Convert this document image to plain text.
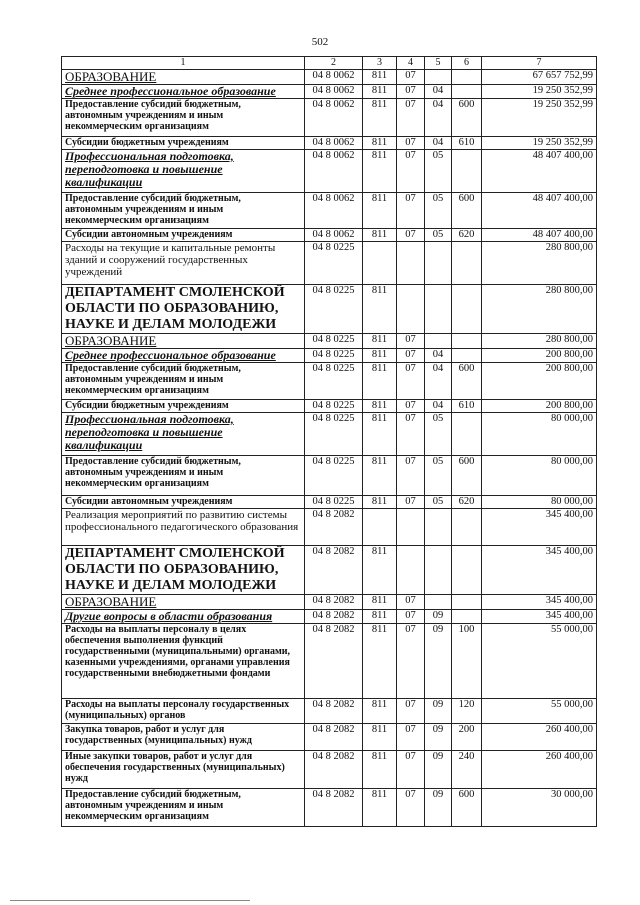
502
1	2	3	4	5	6	7
ОБРАЗОВАНИЕ	04 8 0062	811	07			67 657 752,99
Среднее профессиональное образование	04 8 0062	811	07	04		19 250 352,99
Предоставление субсидий бюджетным, автономным учреждениям и иным некоммерческим организациям	04 8 0062	811	07	04	600	19 250 352,99
Субсидии бюджетным учреждениям	04 8 0062	811	07	04	610	19 250 352,99
Профессиональная подготовка, переподготовка и повышение квалификации	04 8 0062	811	07	05		48 407 400,00
Предоставление субсидий бюджетным, автономным учреждениям и иным некоммерческим организациям	04 8 0062	811	07	05	600	48 407 400,00
Субсидии автономным учреждениям	04 8 0062	811	07	05	620	48 407 400,00
Расходы на текущие и капитальные ремонты зданий и сооружений государственных учреждений	04 8 0225					280 800,00
ДЕПАРТАМЕНТ СМОЛЕНСКОЙ ОБЛАСТИ ПО ОБРАЗОВАНИЮ, НАУКЕ И ДЕЛАМ МОЛОДЕЖИ	04 8 0225	811				280 800,00
ОБРАЗОВАНИЕ	04 8 0225	811	07			280 800,00
Среднее профессиональное образование	04 8 0225	811	07	04		200 800,00
Предоставление субсидий бюджетным, автономным учреждениям и иным некоммерческим организациям	04 8 0225	811	07	04	600	200 800,00
Субсидии бюджетным учреждениям	04 8 0225	811	07	04	610	200 800,00
Профессиональная подготовка, переподготовка и повышение квалификации	04 8 0225	811	07	05		80 000,00
Предоставление субсидий бюджетным, автономным учреждениям и иным некоммерческим организациям	04 8 0225	811	07	05	600	80 000,00
Субсидии автономным учреждениям	04 8 0225	811	07	05	620	80 000,00
Реализация мероприятий по развитию системы профессионального педагогического образования	04 8 2082					345 400,00
ДЕПАРТАМЕНТ СМОЛЕНСКОЙ ОБЛАСТИ ПО ОБРАЗОВАНИЮ, НАУКЕ И ДЕЛАМ МОЛОДЕЖИ	04 8 2082	811				345 400,00
ОБРАЗОВАНИЕ	04 8 2082	811	07			345 400,00
Другие вопросы в области образования	04 8 2082	811	07	09		345 400,00
Расходы на выплаты персоналу в целях обеспечения выполнения функций государственными (муниципальными) органами, казенными учреждениями, органами управления государственными внебюджетными фондами	04 8 2082	811	07	09	100	55 000,00
Расходы на выплаты персоналу государственных (муниципальных) органов	04 8 2082	811	07	09	120	55 000,00
Закупка товаров, работ и услуг для государственных (муниципальных) нужд	04 8 2082	811	07	09	200	260 400,00
Иные закупки товаров, работ и услуг для обеспечения государственных (муниципальных) нужд	04 8 2082	811	07	09	240	260 400,00
Предоставление субсидий бюджетным, автономным учреждениям и иным некоммерческим организациям	04 8 2082	811	07	09	600	30 000,00
